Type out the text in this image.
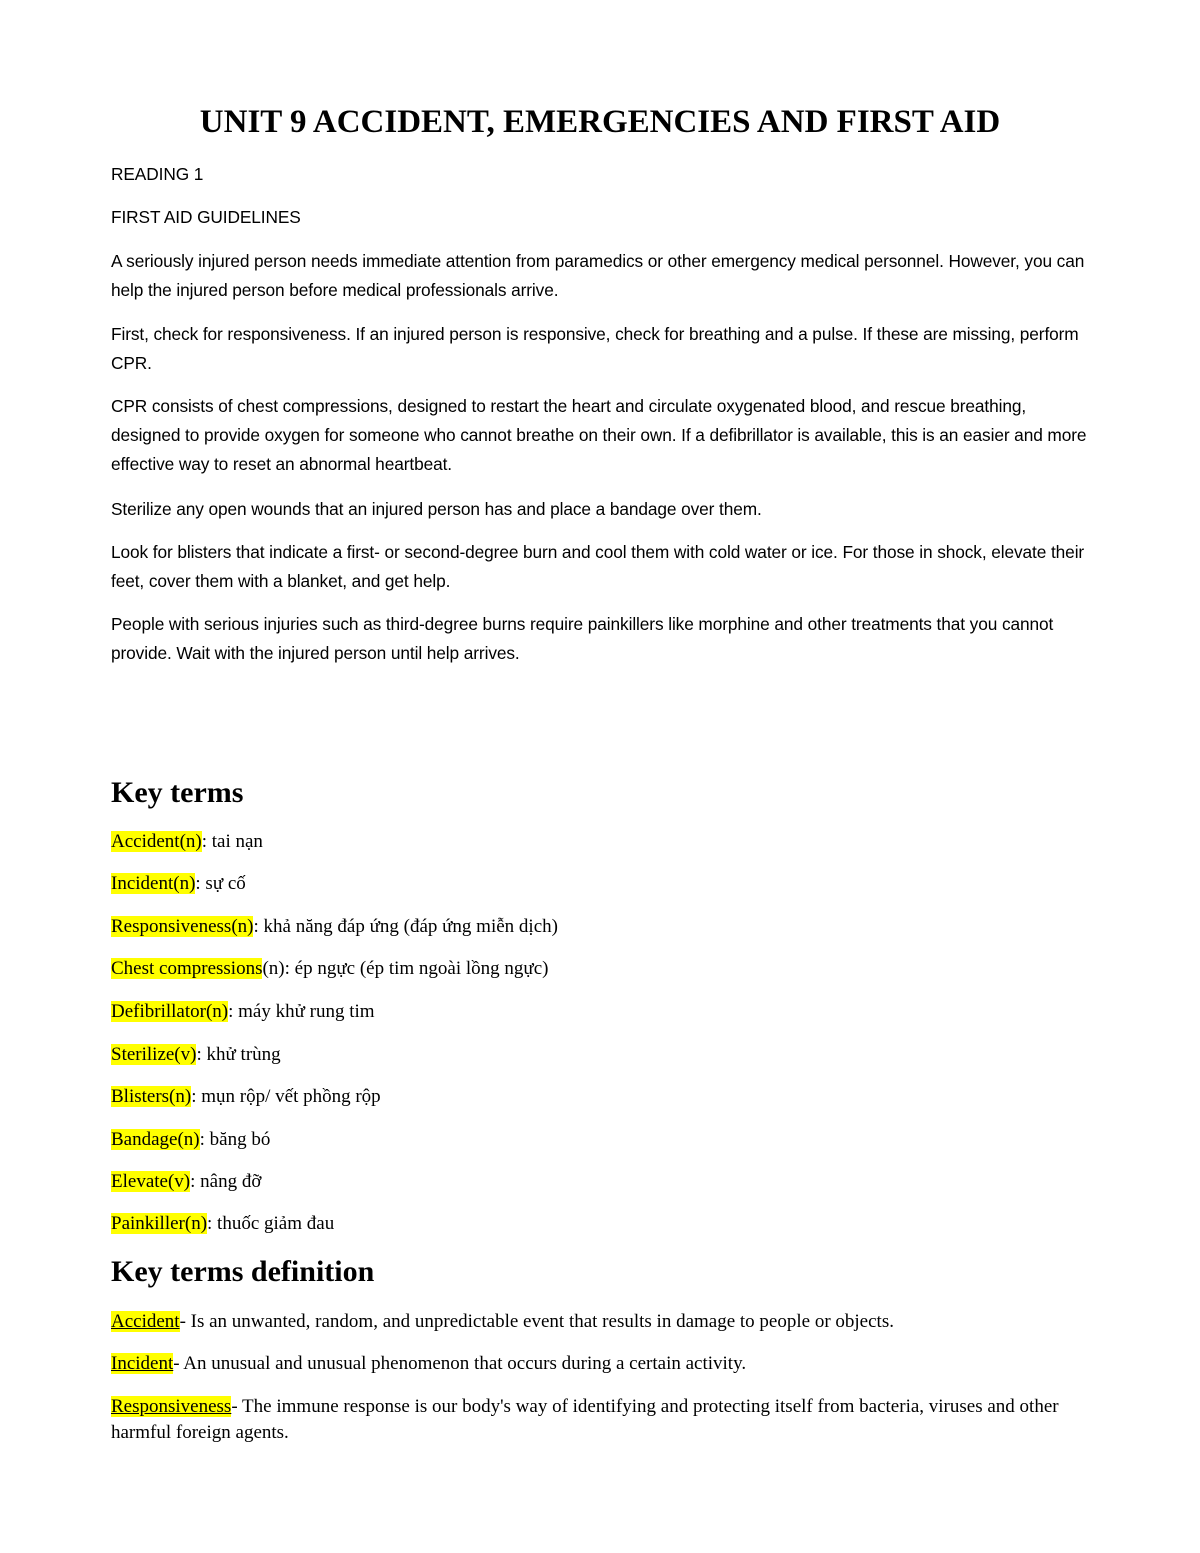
UNIT 9 ACCIDENT, EMERGENCIES AND FIRST AID

READING 1

FIRST AID GUIDELINES

A seriously injured person needs immediate attention from paramedics or other emergency medical personnel. However, you can help the injured person before medical professionals arrive.

First, check for responsiveness. If an injured person is responsive, check for breathing and a pulse. If these are missing, perform CPR.

CPR consists of chest compressions, designed to restart the heart and circulate oxygenated blood, and rescue breathing, designed to provide oxygen for someone who cannot breathe on their own. If a defibrillator is available, this is an easier and more effective way to reset an abnormal heartbeat.

Sterilize any open wounds that an injured person has and place a bandage over them.

Look for blisters that indicate a first- or second-degree burn and cool them with cold water or ice. For those in shock, elevate their feet, cover them with a blanket, and get help.

People with serious injuries such as third-degree burns require painkillers like morphine and other treatments that you cannot provide. Wait with the injured person until help arrives.

Key terms

Accident(n): tai nạn

Incident(n): sự cố

Responsiveness(n): khả năng đáp ứng (đáp ứng miễn dịch)

Chest compressions(n): ép ngực (ép tim ngoài lồng ngực)

Defibrillator(n): máy khử rung tim

Sterilize(v): khử trùng

Blisters(n): mụn rộp/ vết phồng rộp

Bandage(n): băng bó

Elevate(v): nâng đỡ

Painkiller(n): thuốc giảm đau

Key terms definition

Accident- Is an unwanted, random, and unpredictable event that results in damage to people or objects.

Incident- An unusual and unusual phenomenon that occurs during a certain activity.

Responsiveness- The immune response is our body's way of identifying and protecting itself from bacteria, viruses and other harmful foreign agents.
